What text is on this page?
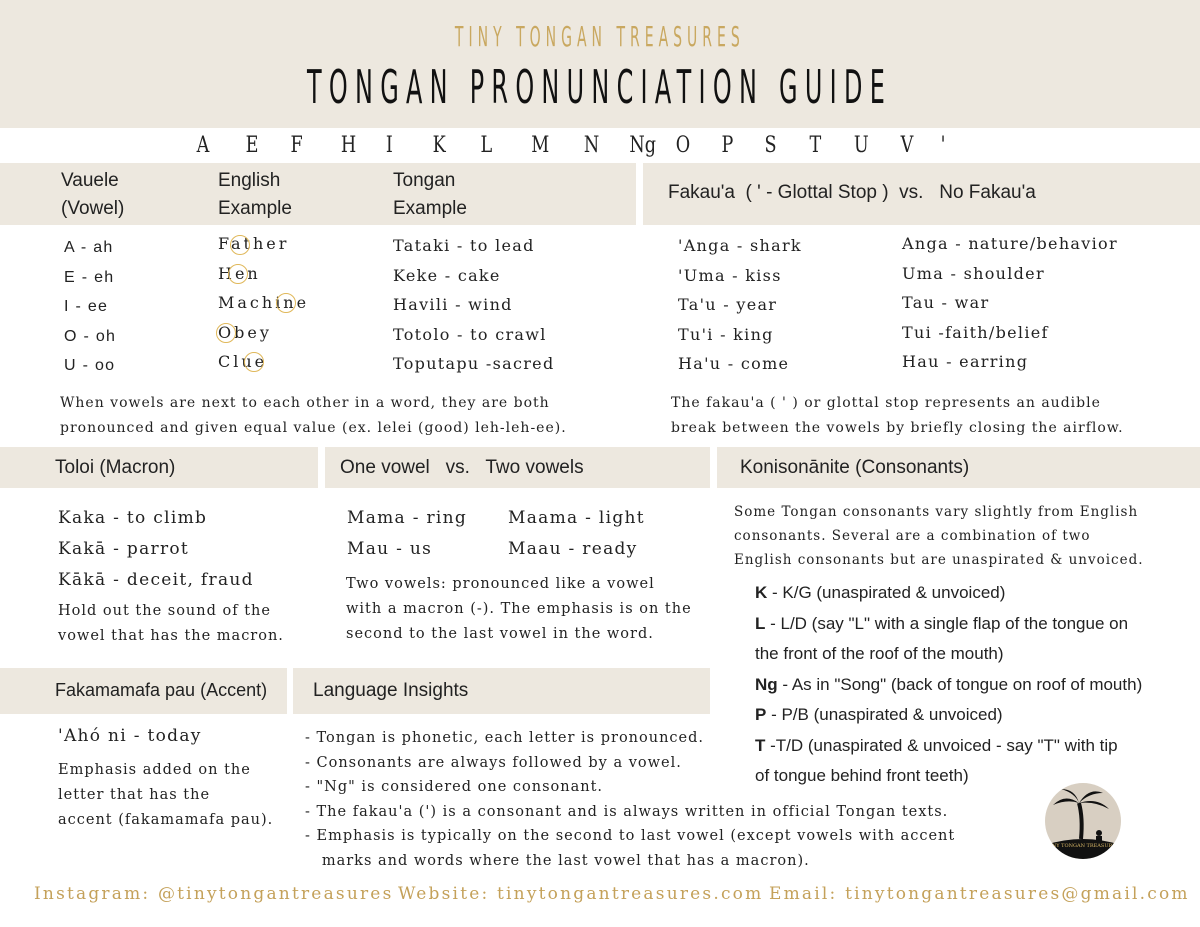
TINY TONGAN TREASURES
TONGAN PRONUNCIATION GUIDE
A E F H I K L M N Ng O P S T U V '
Vauele
(Vowel)
English
Example
Tongan
Example
Fakau'a  ( ' - Glottal Stop )  vs.   No Fakau'a
A - ah
E - eh
I - ee
O - oh
U - oo
Father
Hen
Machine
Obey
Clue
Tataki - to lead
Keke - cake
Havili - wind
Totolo - to crawl
Toputapu -sacred
When vowels are next to each other in a word, they are both
pronounced and given equal value (ex. lelei (good) leh-leh-ee).
'Anga - shark
'Uma - kiss
Ta'u - year
Tu'i - king
Ha'u - come
Anga - nature/behavior
Uma - shoulder
Tau - war
Tui -faith/belief
Hau - earring
The fakau'a ( ' ) or glottal stop represents an audible
break between the vowels by briefly closing the airflow.
Toloi (Macron)	One vowel   vs.   Two vowels	Konisonānite (Consonants)
Kaka - to climb
Kakā - parrot
Kākā - deceit, fraud
Hold out the sound of the
vowel that has the macron.
Mama - ring
Mau - us
Maama - light
Maau - ready
Two vowels: pronounced like a vowel
with a macron (-). The emphasis is on the
second to the last vowel in the word.
Some Tongan consonants vary slightly from English
consonants. Several are a combination of two
English consonants but are unaspirated & unvoiced.
K - K/G (unaspirated & unvoiced)
L - L/D (say "L" with a single flap of the tongue on
the front of the roof of the mouth)
Ng - As in "Song" (back of tongue on roof of mouth)
P - P/B (unaspirated & unvoiced)
T -T/D (unaspirated & unvoiced - say "T" with tip
of tongue behind front teeth)
Fakamamafa pau (Accent) Language Insights
'Ahó ni - today
Emphasis added on the
letter that has the
accent (fakamamafa pau).
- Tongan is phonetic, each letter is pronounced.
- Consonants are always followed by a vowel.
- "Ng" is considered one consonant.
- The fakau'a (') is a consonant and is always written in official Tongan texts.
- Emphasis is typically on the second to last vowel (except vowels with accent
marks and words where the last vowel that has a macron).
TINY TONGAN TREASURES
Instagram: @tinytongantreasures Website: tinytongantreasures.com Email: tinytongantreasures@gmail.com
